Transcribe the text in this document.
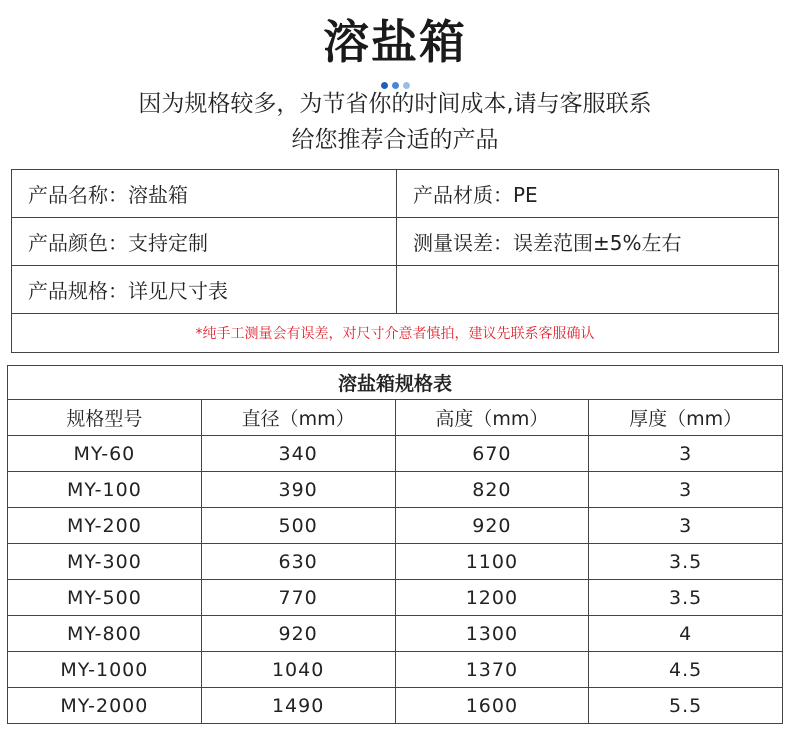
溶盐箱
因为规格较多，为节省你的时间成本,请与客服联系
给您推荐合适的产品
产品名称：溶盐箱	产品材质：PE
产品颜色：支持定制	测量误差：误差范围±5%左右
产品规格：详见尺寸表
*纯手工测量会有误差，对尺寸介意者慎拍，建议先联系客服确认
溶盐箱规格表			
规格型号	直径（mm）	高度（mm）	厚度（mm）
MY-60	340	670	3
MY-100	390	820	3
MY-200	500	920	3
MY-300	630	1100	3.5
MY-500	770	1200	3.5
MY-800	920	1300	4
MY-1000	1040	1370	4.5
MY-2000	1490	1600	5.5
